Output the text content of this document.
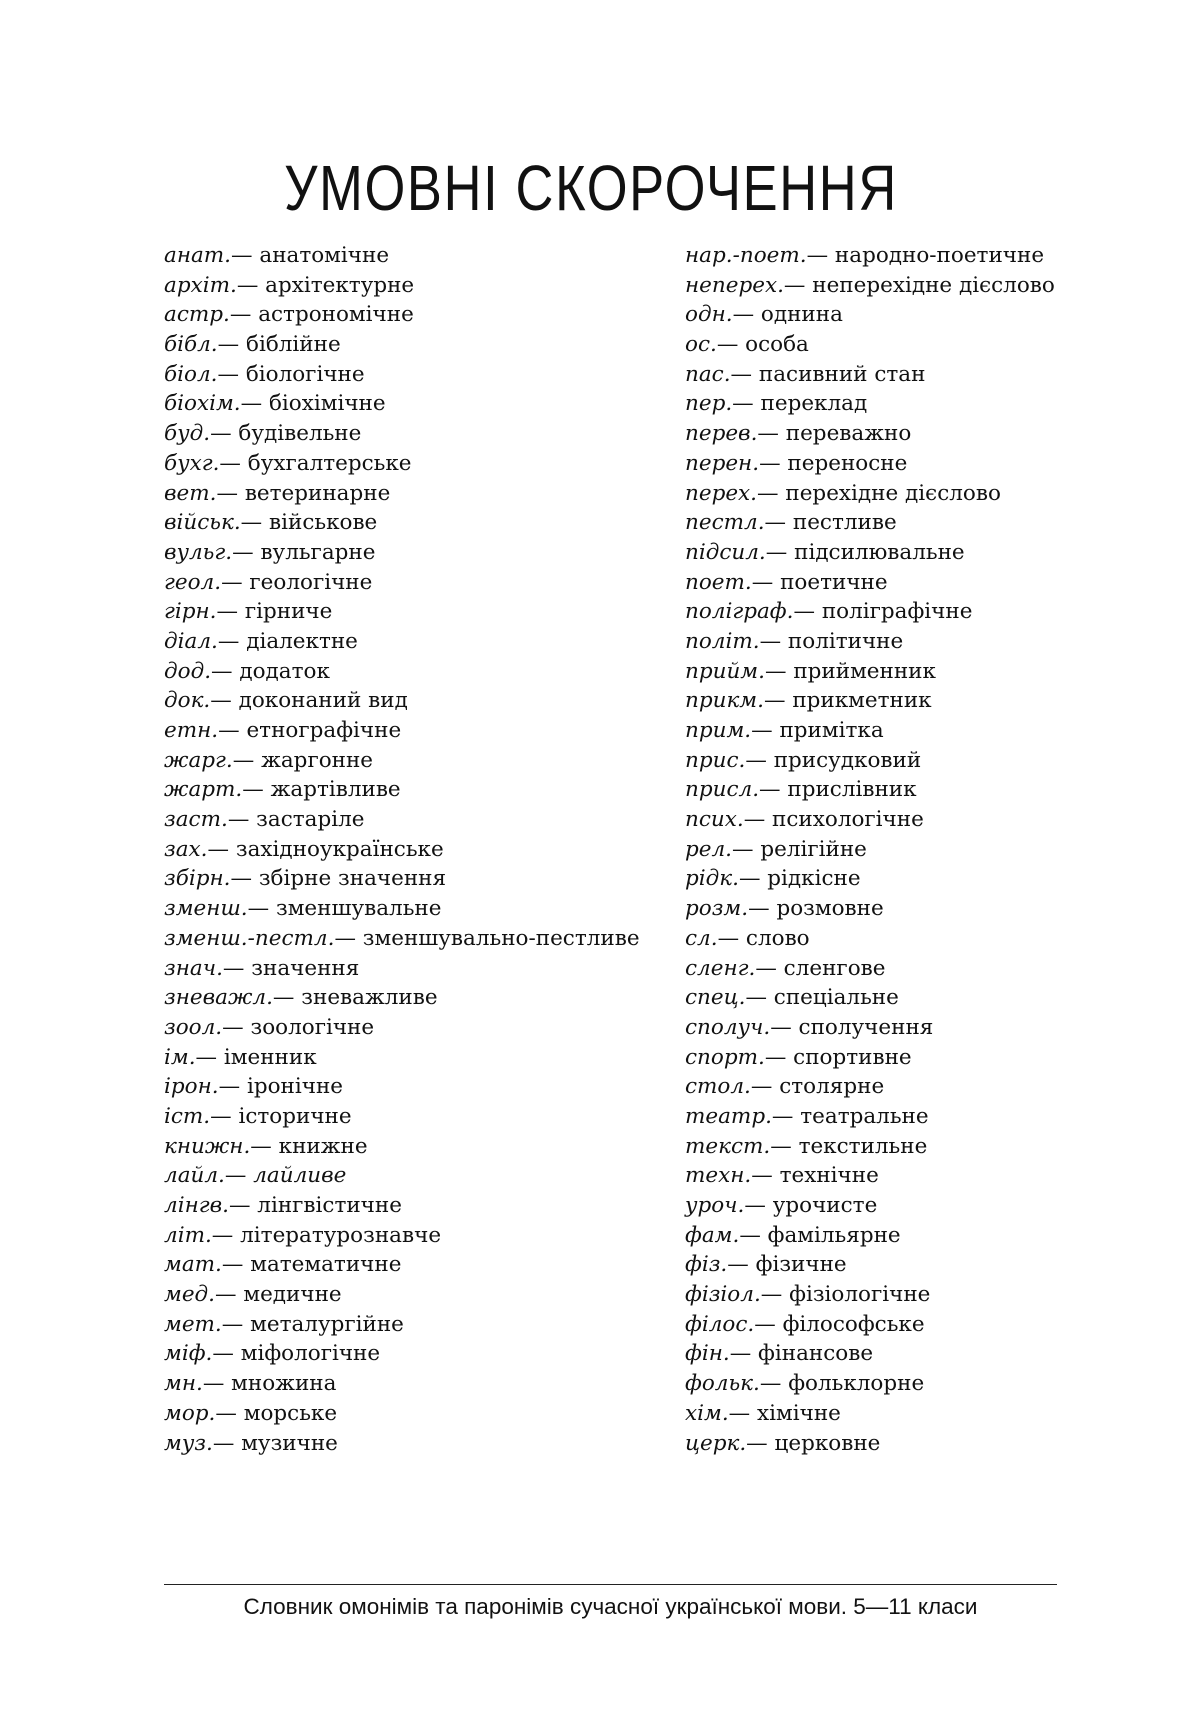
УМОВНІ СКОРОЧЕННЯ
анат.— анатомічне
архіт.— архітектурне
астр.— астрономічне
бібл.— біблійне
біол.— біологічне
біохім.— біохімічне
буд.— будівельне
бухг.— бухгалтерське
вет.— ветеринарне
військ.— військове
вульг.— вульгарне
геол.— геологічне
гірн.— гірниче
діал.— діалектне
дод.— додаток
док.— доконаний вид
етн.— етнографічне
жарг.— жаргонне
жарт.— жартівливе
заст.— застаріле
зах.— західноукраїнське
збірн.— збірне значення
зменш.— зменшувальне
зменш.-пестл.— зменшувально-пестливе
знач.— значення
зневажл.— зневажливе
зоол.— зоологічне
ім.— іменник
ірон.— іронічне
іст.— історичне
книжн.— книжне
лайл.— лайливе
лінгв.— лінгвістичне
літ.— літературознавче
мат.— математичне
мед.— медичне
мет.— металургійне
міф.— міфологічне
мн.— множина
мор.— морське
муз.— музичне
нар.-поет.— народно-поетичне
неперех.— неперехідне дієслово
одн.— однина
ос.— особа
пас.— пасивний стан
пер.— переклад
перев.— переважно
перен.— переносне
перех.— перехідне дієслово
пестл.— пестливе
підсил.— підсилювальне
поет.— поетичне
поліграф.— поліграфічне
політ.— політичне
прийм.— прийменник
прикм.— прикметник
прим.— примітка
прис.— присудковий
присл.— прислівник
псих.— психологічне
рел.— релігійне
рідк.— рідкісне
розм.— розмовне
сл.— слово
сленг.— сленгове
спец.— спеціальне
сполуч.— сполучення
спорт.— спортивне
стол.— столярне
театр.— театральне
текст.— текстильне
техн.— технічне
уроч.— урочисте
фам.— фамільярне
фіз.— фізичне
фізіол.— фізіологічне
філос.— філософське
фін.— фінансове
фольк.— фольклорне
хім.— хімічне
церк.— церковне
Словник омонімів та паронімів сучасної української мови. 5—11 класи
